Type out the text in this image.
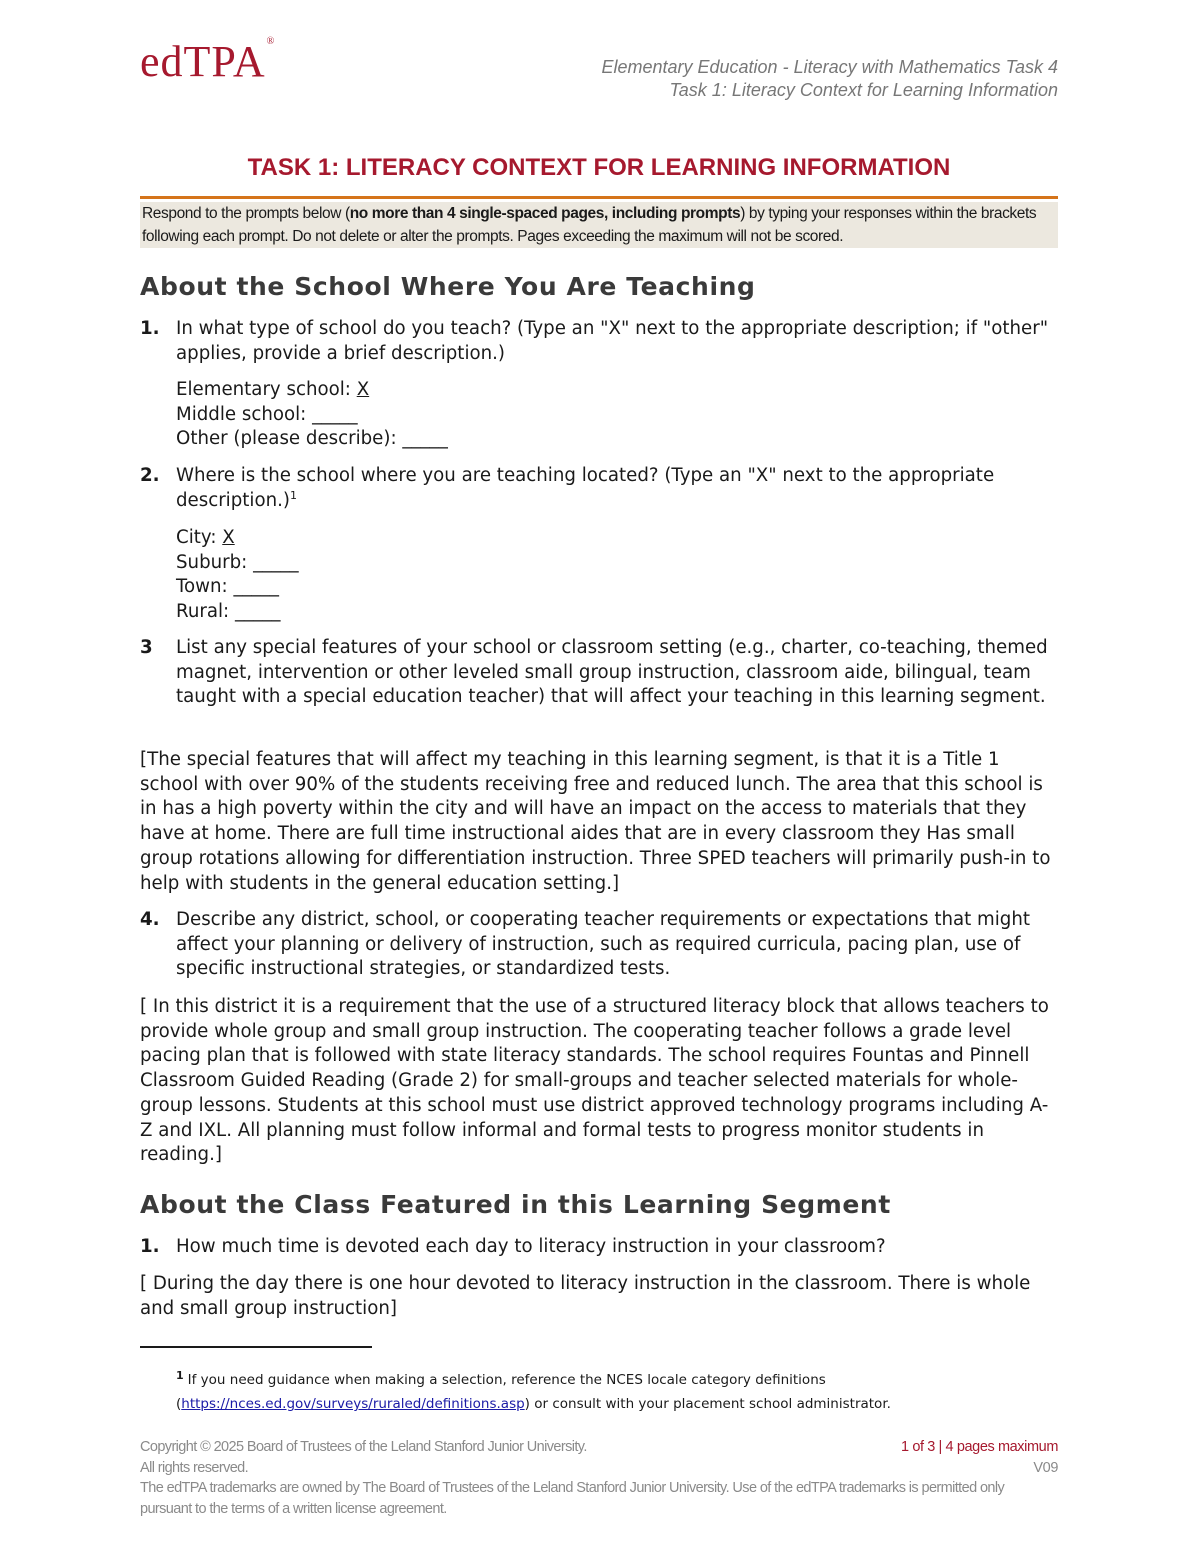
edTPA®
Elementary Education - Literacy with Mathematics Task 4
Task 1: Literacy Context for Learning Information
TASK 1: LITERACY CONTEXT FOR LEARNING INFORMATION
Respond to the prompts below (no more than 4 single-spaced pages, including prompts) by typing your responses within the brackets following each prompt. Do not delete or alter the prompts. Pages exceeding the maximum will not be scored.
About the School Where You Are Teaching
1. In what type of school do you teach? (Type an "X" next to the appropriate description; if "other" applies, provide a brief description.)
Elementary school: X
Middle school: _____
Other (please describe): _____
2. Where is the school where you are teaching located? (Type an "X" next to the appropriate description.)$^1$
City: X
Suburb: _____
Town: _____
Rural: _____
3 List any special features of your school or classroom setting (e.g., charter, co-teaching, themed magnet, intervention or other leveled small group instruction, classroom aide, bilingual, team taught with a special education teacher) that will affect your teaching in this learning segment.
[The special features that will affect my teaching in this learning segment, is that it is a Title 1 school with over 90% of the students receiving free and reduced lunch. The area that this school is in has a high poverty within the city and will have an impact on the access to materials that they have at home. There are full time instructional aides that are in every classroom they Has small group rotations allowing for differentiation instruction. Three SPED teachers will primarily push-in to help with students in the general education setting.]
4. Describe any district, school, or cooperating teacher requirements or expectations that might affect your planning or delivery of instruction, such as required curricula, pacing plan, use of specific instructional strategies, or standardized tests.
[ In this district it is a requirement that the use of a structured literacy block that allows teachers to provide whole group and small group instruction. The cooperating teacher follows a grade level pacing plan that is followed with state literacy standards. The school requires Fountas and Pinnell Classroom Guided Reading (Grade 2) for small-groups and teacher selected materials for whole-group lessons. Students at this school must use district approved technology programs including A-Z and IXL. All planning must follow informal and formal tests to progress monitor students in reading.]
About the Class Featured in this Learning Segment
1. How much time is devoted each day to literacy instruction in your classroom?
[ During the day there is one hour devoted to literacy instruction in the classroom. There is whole and small group instruction]
$^1$ If you need guidance when making a selection, reference the NCES locale category definitions (https://nces.ed.gov/surveys/ruraled/definitions.asp) or consult with your placement school administrator.
Copyright © 2025 Board of Trustees of the Leland Stanford Junior University.
All rights reserved.
The edTPA trademarks are owned by The Board of Trustees of the Leland Stanford Junior University. Use of the edTPA trademarks is permitted only pursuant to the terms of a written license agreement.
1 of 3 | 4 pages maximum
V09
